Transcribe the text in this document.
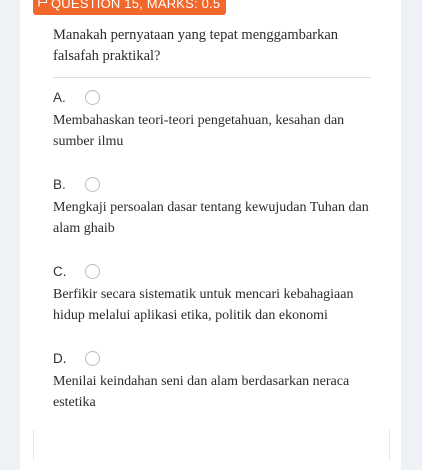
QUESTION 15, MARKS: 0.5
Manakah pernyataan yang tepat menggambarkan falsafah praktikal?
A.
Membahaskan teori-teori pengetahuan, kesahan dan sumber ilmu
B.
Mengkaji persoalan dasar tentang kewujudan Tuhan dan alam ghaib
C.
Berfikir secara sistematik untuk mencari kebahagiaan hidup melalui aplikasi etika, politik dan ekonomi
D.
Menilai keindahan seni dan alam berdasarkan neraca estetika
